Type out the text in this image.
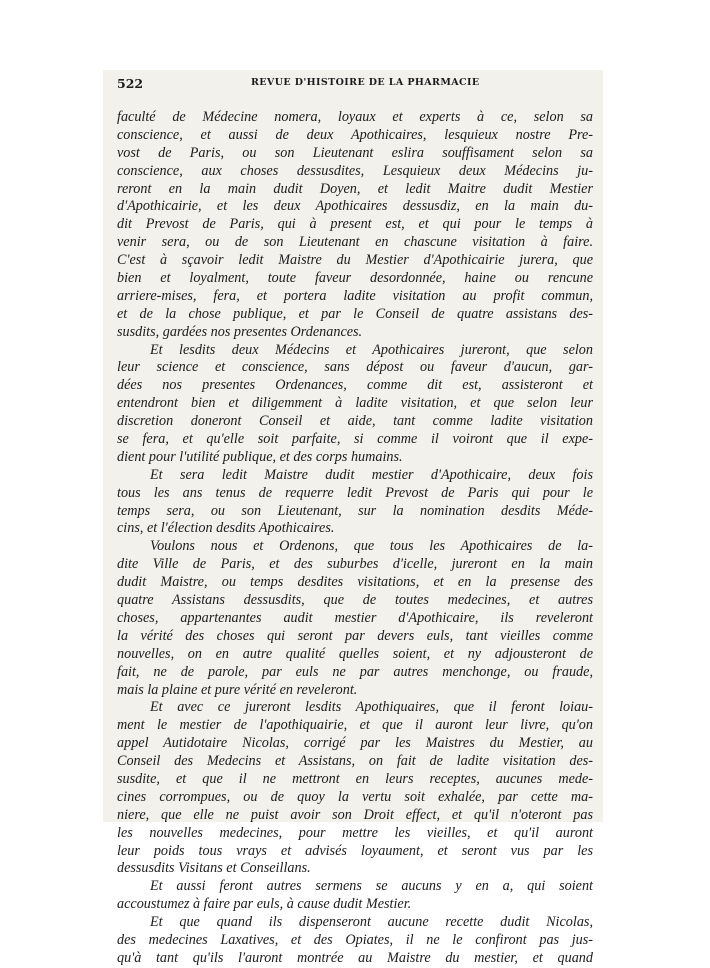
522	REVUE D'HISTOIRE DE LA PHARMACIE
faculté de Médecine nomera, loyaux et experts à ce, selon sa
conscience, et aussi de deux Apothicaires, lesquieux nostre Pre-
vost de Paris, ou son Lieutenant eslira souffisament selon sa
conscience, aux choses dessusdites, Lesquieux deux Médecins ju-
reront en la main dudit Doyen, et ledit Maitre dudit Mestier
d'Apothicairie, et les deux Apothicaires dessusdiz, en la main du-
dit Prevost de Paris, qui à present est, et qui pour le temps à
venir sera, ou de son Lieutenant en chascune visitation à faire.
C'est à sçavoir ledit Maistre du Mestier d'Apothicairie jurera, que
bien et loyalment, toute faveur desordonnée, haine ou rencune
arriere-mises, fera, et portera ladite visitation au profit commun,
et de la chose publique, et par le Conseil de quatre assistans des-
susdits, gardées nos presentes Ordenances.
Et lesdits deux Médecins et Apothicaires jureront, que selon
leur science et conscience, sans dépost ou faveur d'aucun, gar-
dées nos presentes Ordenances, comme dit est, assisteront et
entendront bien et diligemment à ladite visitation, et que selon leur
discretion doneront Conseil et aide, tant comme ladite visitation
se fera, et qu'elle soit parfaite, si comme il voiront que il expe-
dient pour l'utilité publique, et des corps humains.
Et sera ledit Maistre dudit mestier d'Apothicaire, deux fois
tous les ans tenus de requerre ledit Prevost de Paris qui pour le
temps sera, ou son Lieutenant, sur la nomination desdits Méde-
cins, et l'élection desdits Apothicaires.
Voulons nous et Ordenons, que tous les Apothicaires de la-
dite Ville de Paris, et des suburbes d'icelle, jureront en la main
dudit Maistre, ou temps desdites visitations, et en la presense des
quatre Assistans dessusdits, que de toutes medecines, et autres
choses, appartenantes audit mestier d'Apothicaire, ils reveleront
la vérité des choses qui seront par devers euls, tant vieilles comme
nouvelles, on en autre qualité quelles soient, et ny adjousteront de
fait, ne de parole, par euls ne par autres menchonge, ou fraude,
mais la plaine et pure vérité en reveleront.
Et avec ce jureront lesdits Apothiquaires, que il feront loiau-
ment le mestier de l'apothiquairie, et que il auront leur livre, qu'on
appel Autidotaire Nicolas, corrigé par les Maistres du Mestier, au
Conseil des Medecins et Assistans, on fait de ladite visitation des-
susdite, et que il ne mettront en leurs receptes, aucunes mede-
cines corrompues, ou de quoy la vertu soit exhalée, par cette ma-
niere, que elle ne puist avoir son Droit effect, et qu'il n'oteront pas
les nouvelles medecines, pour mettre les vieilles, et qu'il auront
leur poids tous vrays et advisés loyaument, et seront vus par les
dessusdits Visitans et Conseillans.
Et aussi feront autres sermens se aucuns y en a, qui soient
accoustumez à faire par euls, à cause dudit Mestier.
Et que quand ils dispenseront aucune recette dudit Nicolas,
des medecines Laxatives, et des Opiates, il ne le confiront pas jus-
qu'à tant qu'ils l'auront montrée au Maistre du mestier, et quand
